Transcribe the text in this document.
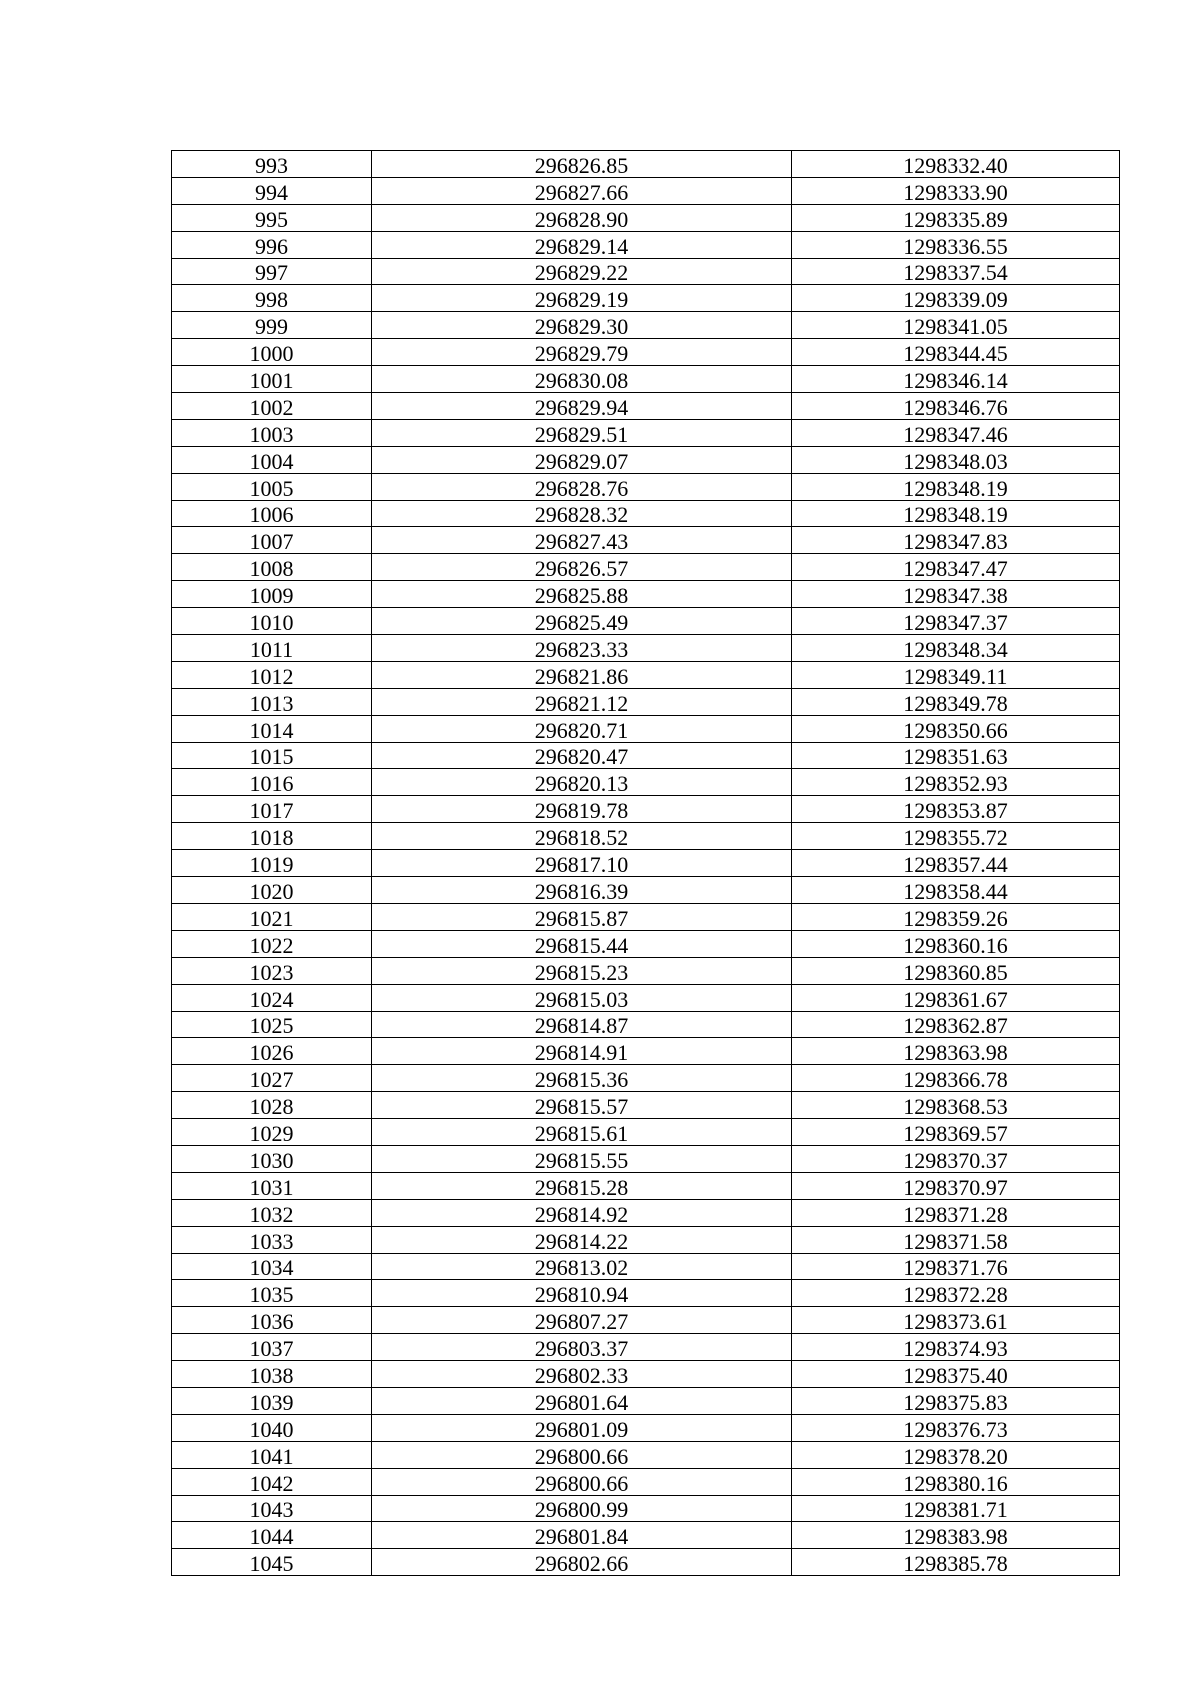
993	296826.85	1298332.40
994	296827.66	1298333.90
995	296828.90	1298335.89
996	296829.14	1298336.55
997	296829.22	1298337.54
998	296829.19	1298339.09
999	296829.30	1298341.05
1000	296829.79	1298344.45
1001	296830.08	1298346.14
1002	296829.94	1298346.76
1003	296829.51	1298347.46
1004	296829.07	1298348.03
1005	296828.76	1298348.19
1006	296828.32	1298348.19
1007	296827.43	1298347.83
1008	296826.57	1298347.47
1009	296825.88	1298347.38
1010	296825.49	1298347.37
1011	296823.33	1298348.34
1012	296821.86	1298349.11
1013	296821.12	1298349.78
1014	296820.71	1298350.66
1015	296820.47	1298351.63
1016	296820.13	1298352.93
1017	296819.78	1298353.87
1018	296818.52	1298355.72
1019	296817.10	1298357.44
1020	296816.39	1298358.44
1021	296815.87	1298359.26
1022	296815.44	1298360.16
1023	296815.23	1298360.85
1024	296815.03	1298361.67
1025	296814.87	1298362.87
1026	296814.91	1298363.98
1027	296815.36	1298366.78
1028	296815.57	1298368.53
1029	296815.61	1298369.57
1030	296815.55	1298370.37
1031	296815.28	1298370.97
1032	296814.92	1298371.28
1033	296814.22	1298371.58
1034	296813.02	1298371.76
1035	296810.94	1298372.28
1036	296807.27	1298373.61
1037	296803.37	1298374.93
1038	296802.33	1298375.40
1039	296801.64	1298375.83
1040	296801.09	1298376.73
1041	296800.66	1298378.20
1042	296800.66	1298380.16
1043	296800.99	1298381.71
1044	296801.84	1298383.98
1045	296802.66	1298385.78
